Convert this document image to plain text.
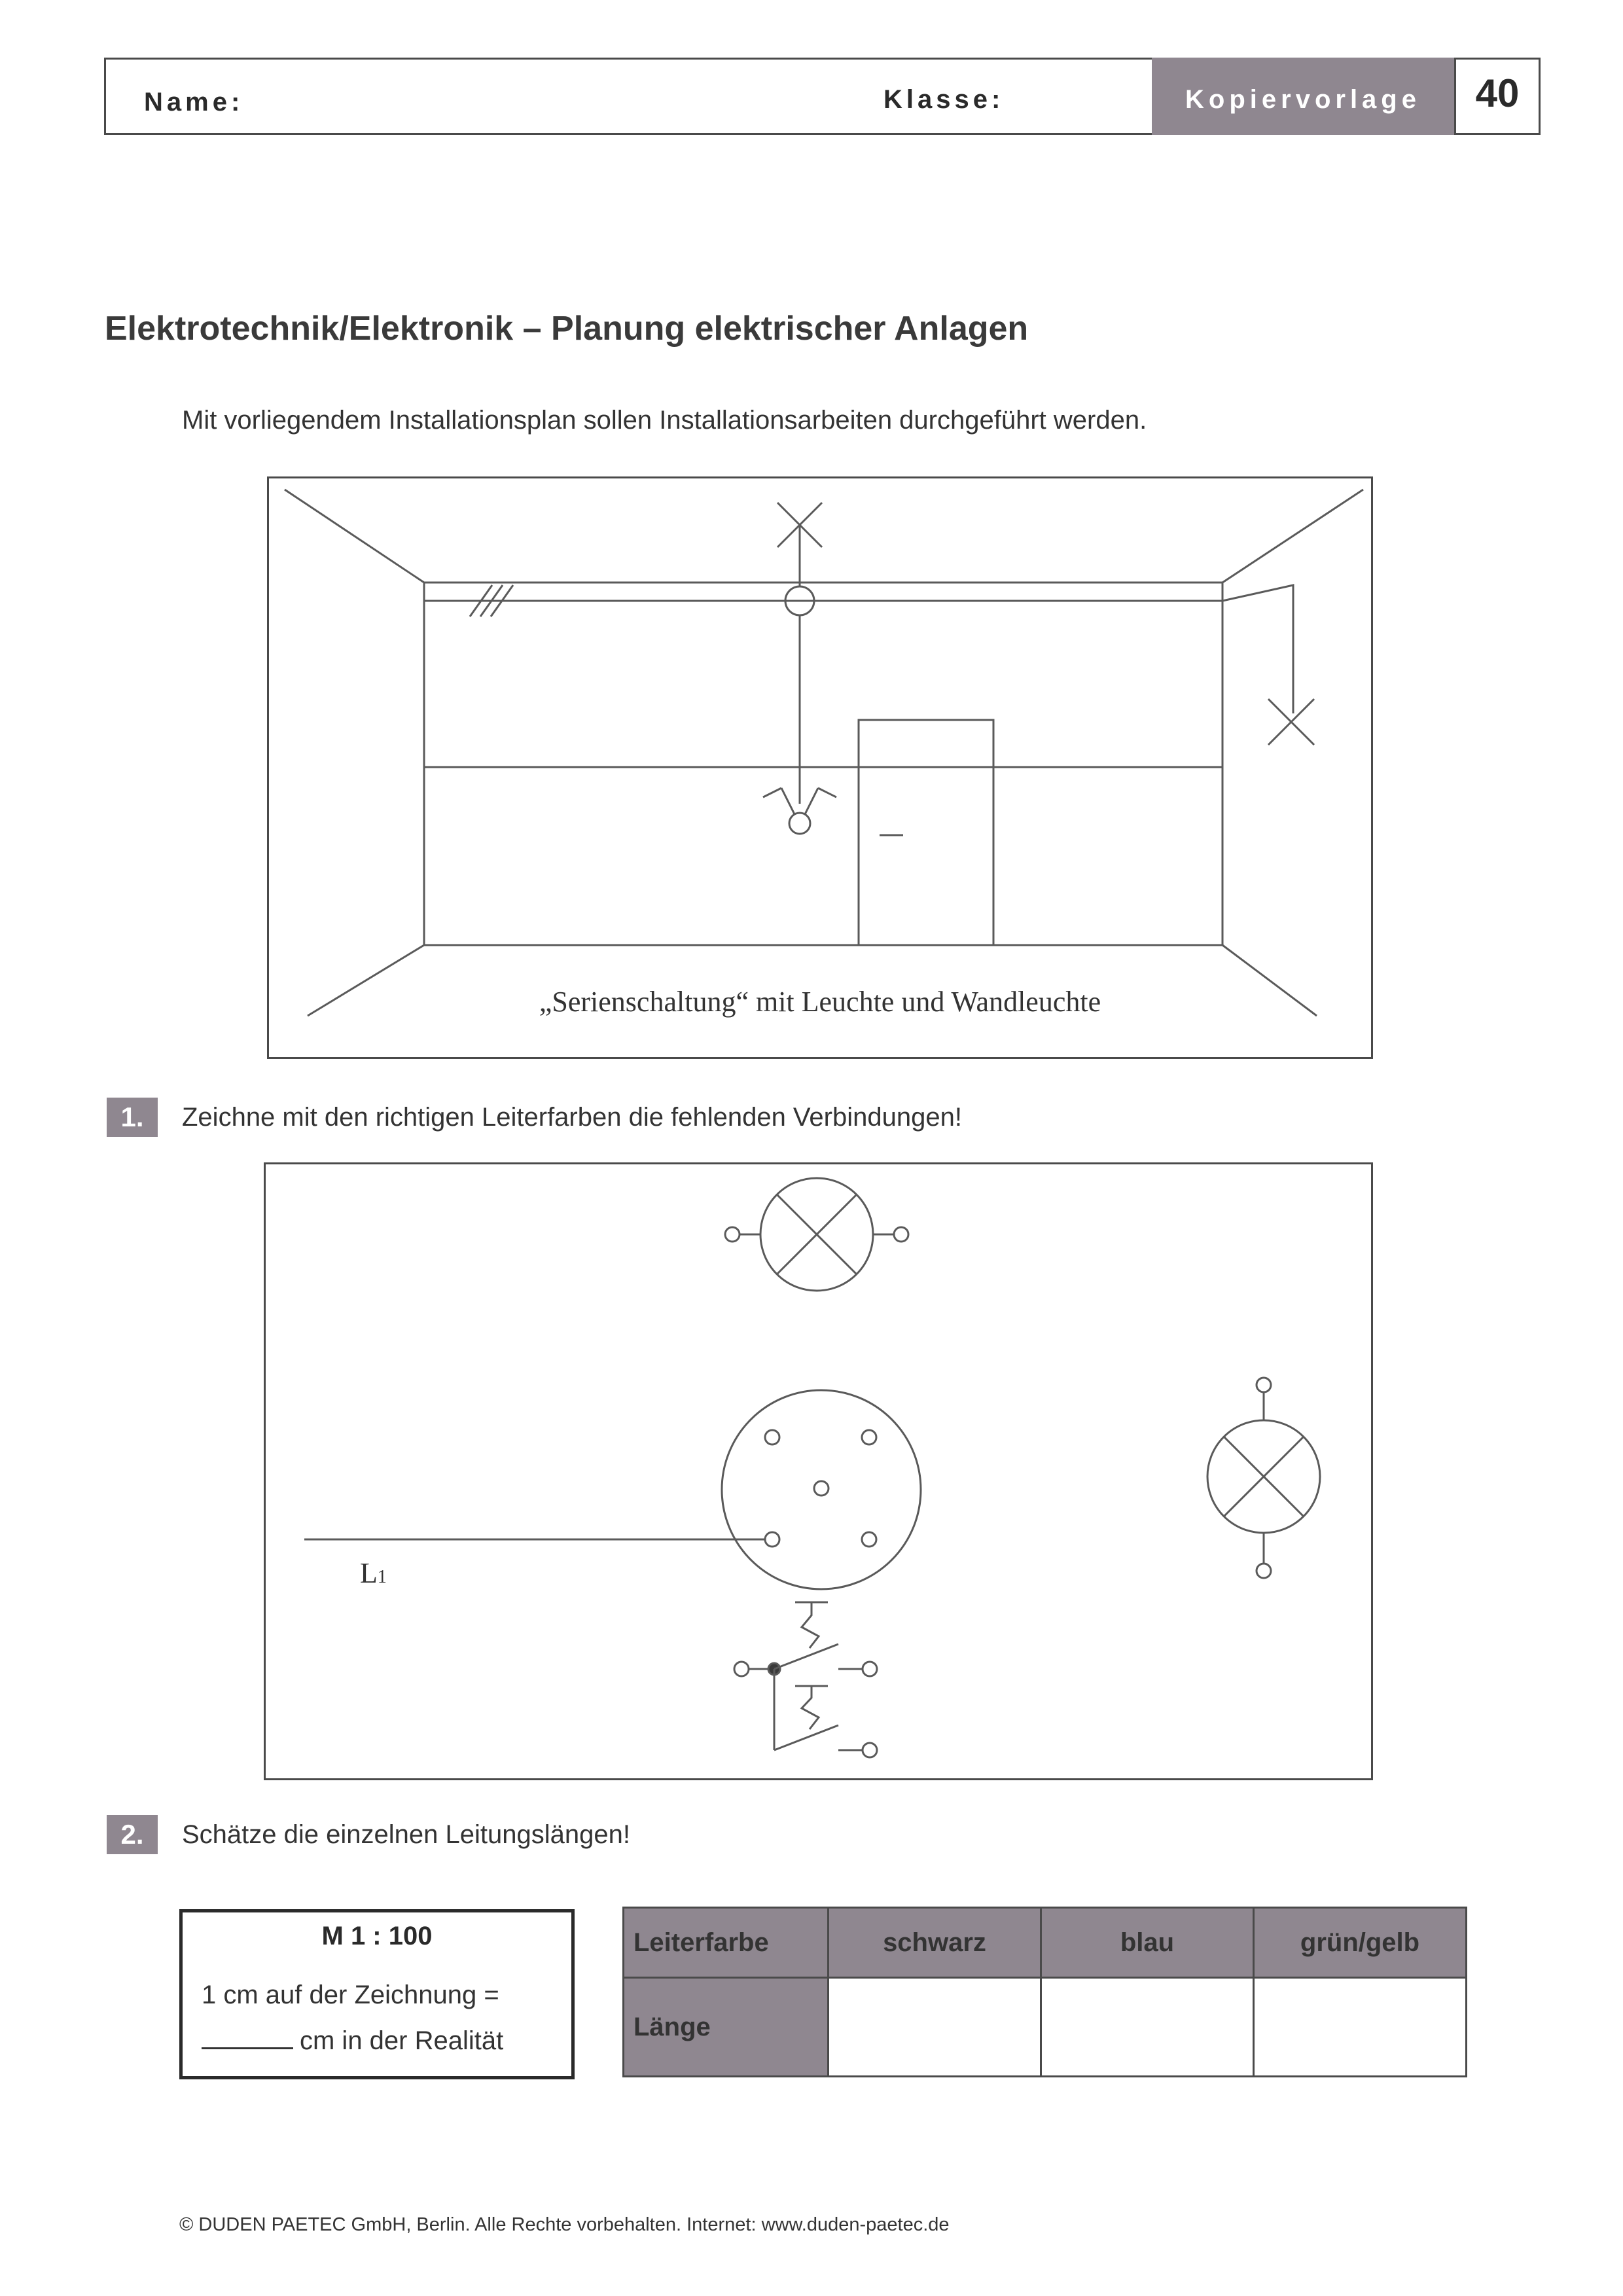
Name:	Klasse:	Kopiervorlage	40
Elektrotechnik/Elektronik – Planung elektrischer Anlagen
Mit vorliegendem Installationsplan sollen Installationsarbeiten durchgeführt werden.
„Serienschaltung“ mit Leuchte und Wandleuchte
1.	Zeichne mit den richtigen Leiterfarben die fehlenden Verbindungen!
L1
2.	Schätze die einzelnen Leitungslängen!
M 1 : 100
1 cm auf der Zeichnung =
cm in der Realität
Leiterfarbe	schwarz	blau	grün/gelb
Länge			
© DUDEN PAETEC GmbH, Berlin. Alle Rechte vorbehalten. Internet: www.duden-paetec.de
